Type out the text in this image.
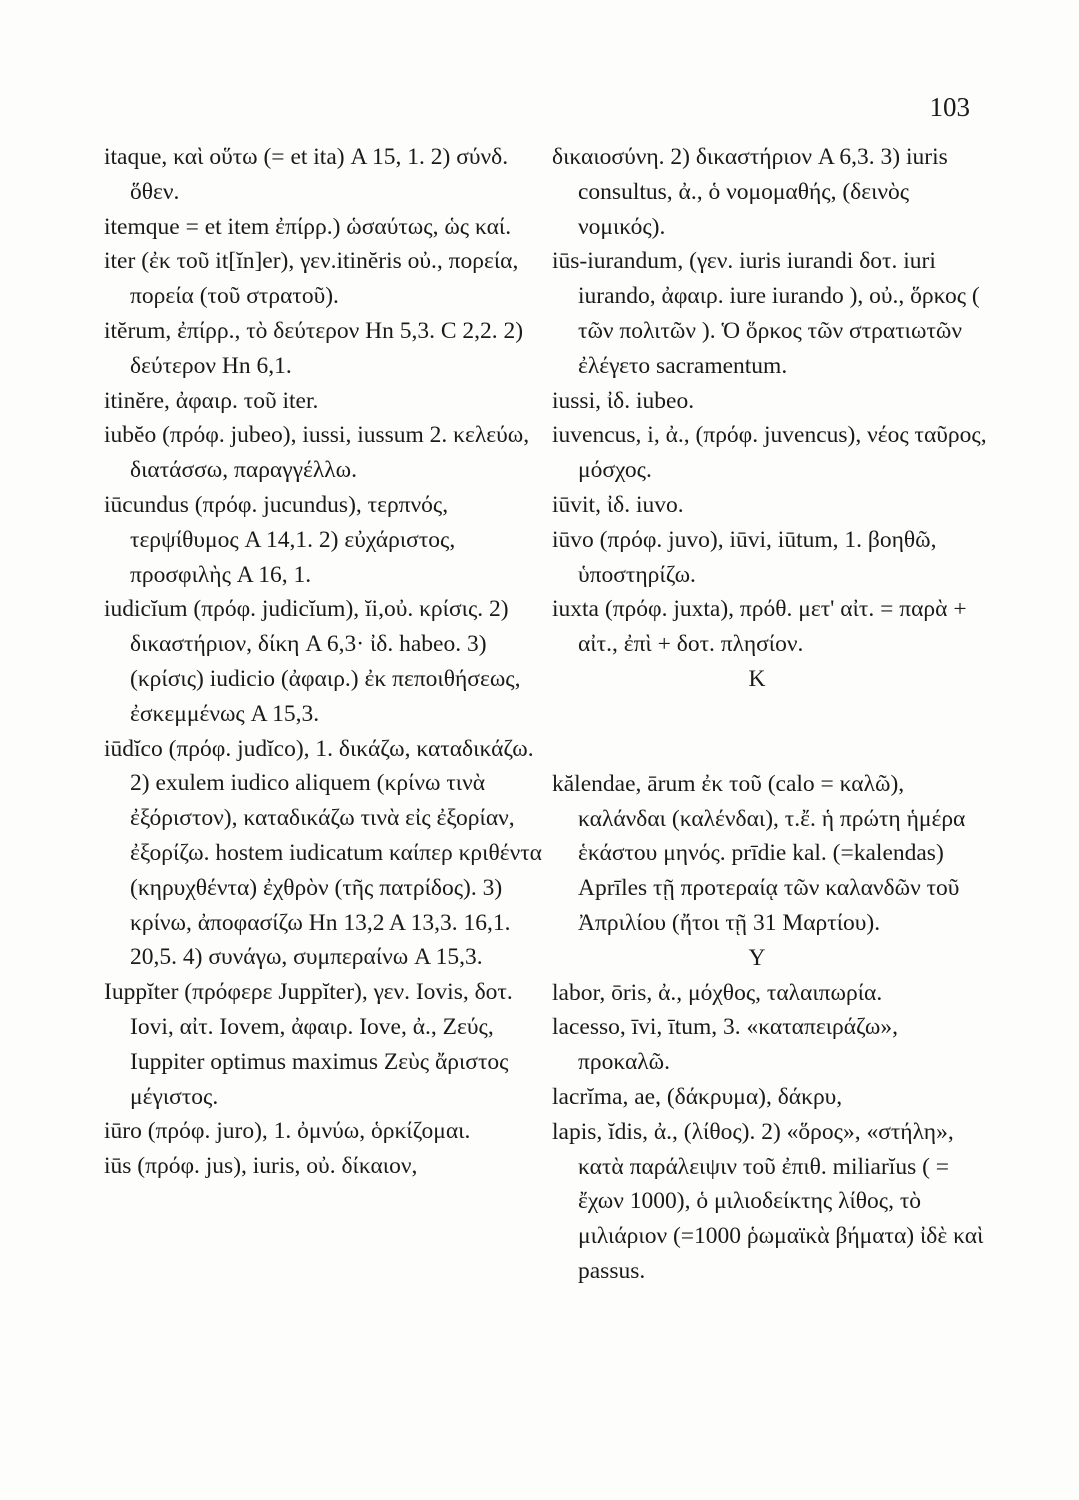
103
itaque, καὶ οὕτω (= et ita) A 15, 1. 2) σύνδ. ὅθεν.
itemque = et item ἐπίρρ.) ὡσαύτως, ὡς καί.
iter (ἐκ τοῦ it[ĭn]er), γεν.itinĕris οὐ., πορεία, πορεία (τοῦ στρατοῦ).
itĕrum, ἐπίρρ., τὸ δεύτερον Hn 5,3. C 2,2. 2) δεύτερον Hn 6,1.
itinĕre, ἀφαιρ. τοῦ iter.
iubĕo (πρόφ. jubeo), iussi, iussum 2. κελεύω, διατάσσω, παραγγέλλω.
iūcundus (πρόφ. jucundus), τερπνός, τερψίθυμος A 14,1. 2) εὐχάριστος, προσφιλὴς A 16, 1.
iudicĭum (πρόφ. judicĭum), ĭi,οὐ. κρίσις. 2) δικαστήριον, δίκη A 6,3· ἰδ. habeo. 3) (κρίσις) iudicio (ἀφαιρ.) ἐκ πεποιθήσεως, ἐσκεμμένως A 15,3.
iūdĭco (πρόφ. judĭco), 1. δικάζω, καταδικάζω. 2) exulem iudico aliquem (κρίνω τινὰ ἐξόριστον), καταδικάζω τινὰ εἰς ἐξορίαν, ἐξορίζω. hostem iudicatum καίπερ κριθέντα (κηρυχθέντα) ἐχθρὸν (τῆς πατρίδος). 3) κρίνω, ἀποφασίζω Hn 13,2 A 13,3. 16,1. 20,5. 4) συνάγω, συμπεραίνω A 15,3.
Iuppĭter (πρόφερε Juppĭter), γεν. Iovis, δοτ. Iovi, αἰτ. Iovem, ἀφαιρ. Iove, ἀ., Ζεύς, Iuppiter optimus maximus Ζεὺς ἄριστος μέγιστος.
iūro (πρόφ. juro), 1. ὀμνύω, ὁρκίζομαι.
iūs (πρόφ. jus), iuris, οὐ. δίκαιον,
δικαιοσύνη. 2) δικαστήριον A 6,3. 3) iuris consultus, ἀ., ὁ νομομαθής, (δεινὸς νομικός).
iūs-iurandum, (γεν. iuris iurandi δοτ. iuri iurando, ἀφαιρ. iure iurando ), οὐ., ὅρκος ( τῶν πολιτῶν ). Ὁ ὅρκος τῶν στρατιωτῶν ἐλέγετο sacramentum.
iussi, ἰδ. iubeo.
iuvencus, i, ἀ., (πρόφ. juvencus), νέος ταῦρος, μόσχος.
iūvit, ἰδ. iuvo.
iūvo (πρόφ. juvo), iūvi, iūtum, 1. βοηθῶ, ὑποστηρίζω.
iuxta (πρόφ. juxta), πρόθ. μετ' αἰτ. = παρὰ + αἰτ., ἐπὶ + δοτ. πλησίον.
K
kălendae, ārum ἐκ τοῦ (calo = καλῶ), καλάνδαι (καλένδαι), τ.ἔ. ἡ πρώτη ἡμέρα ἑκάστου μηνός. prīdie kal. (=kalendas) Aprīles τῇ προτεραίᾳ τῶν καλανδῶν τοῦ Ἀπριλίου (ἤτοι τῇ 31 Μαρτίου).
Υ
labor, ōris, ἀ., μόχθος, ταλαιπωρία.
lacesso, īvi, ītum, 3. «καταπειράζω», προκαλῶ.
lacrĭma, ae, (δάκρυμα), δάκρυ,
lapis, ĭdis, ἀ., (λίθος). 2) «ὅρος», «στήλη», κατὰ παράλειψιν τοῦ ἐπιθ. miliarĭus ( = ἔχων 1000), ὁ μιλιοδείκτης λίθος, τὸ μιλιάριον (=1000 ῥωμαϊκὰ βήματα) ἰδὲ καὶ passus.
